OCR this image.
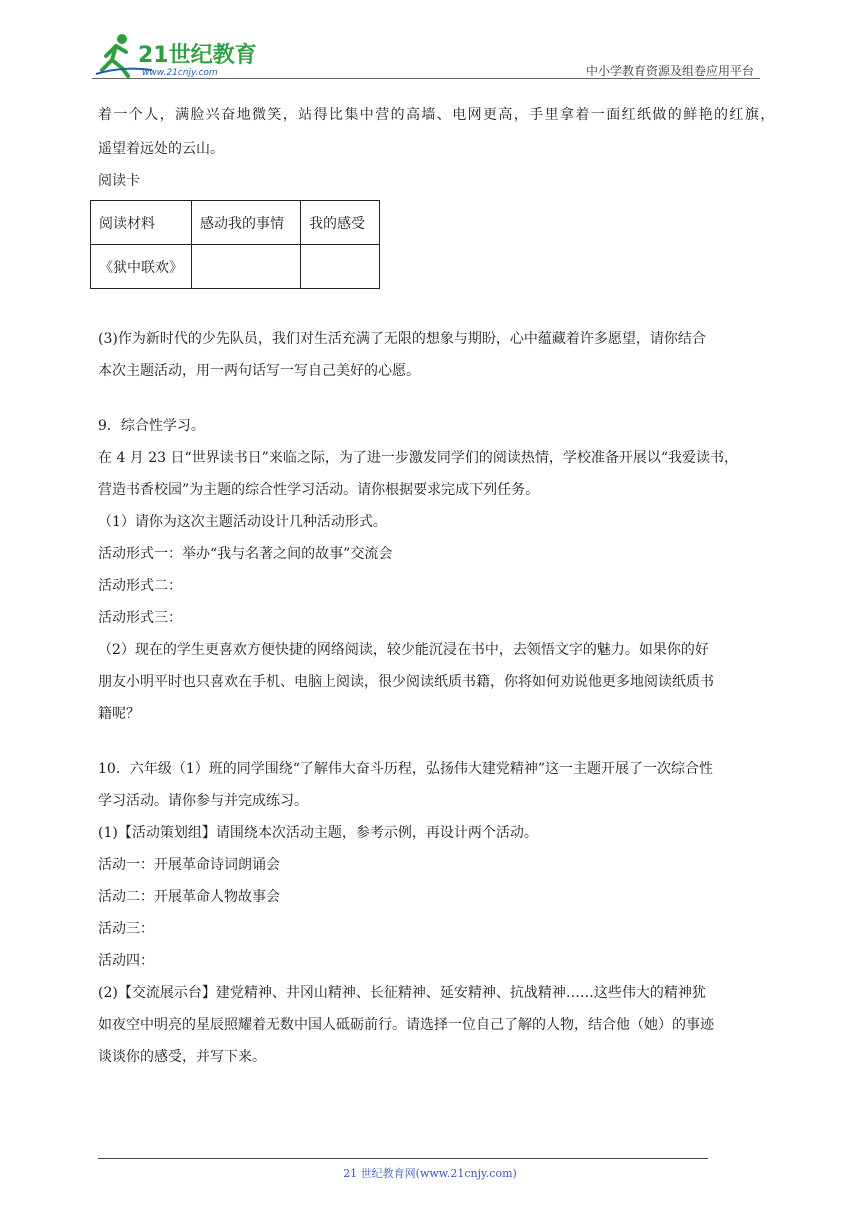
21世纪教育
www.21cnjy.com	中小学教育资源及组卷应用平台
着一个人，满脸兴奋地微笑，站得比集中营的高墙、电网更高，手里拿着一面红纸做的鲜艳的红旗，
遥望着远处的云山。
阅读卡
阅读材料	感动我的事情	我的感受
《狱中联欢》		
(3)作为新时代的少先队员，我们对生活充满了无限的想象与期盼，心中蕴藏着许多愿望，请你结合
本次主题活动，用一两句话写一写自己美好的心愿。
9．综合性学习。
在 4 月 23 日“世界读书日”来临之际，为了进一步激发同学们的阅读热情，学校准备开展以“我爱读书，
营造书香校园”为主题的综合性学习活动。请你根据要求完成下列任务。
（1）请你为这次主题活动设计几种活动形式。
活动形式一：举办“我与名著之间的故事”交流会
活动形式二：
活动形式三：
（2）现在的学生更喜欢方便快捷的网络阅读，较少能沉浸在书中，去领悟文字的魅力。如果你的好
朋友小明平时也只喜欢在手机、电脑上阅读，很少阅读纸质书籍，你将如何劝说他更多地阅读纸质书
籍呢？
10．六年级（1）班的同学围绕“了解伟大奋斗历程，弘扬伟大建党精神”这一主题开展了一次综合性
学习活动。请你参与并完成练习。
(1)【活动策划组】请围绕本次活动主题，参考示例，再设计两个活动。
活动一：开展革命诗词朗诵会
活动二：开展革命人物故事会
活动三：
活动四：
(2)【交流展示台】建党精神、井冈山精神、长征精神、延安精神、抗战精神……这些伟大的精神犹
如夜空中明亮的星辰照耀着无数中国人砥砺前行。请选择一位自己了解的人物，结合他（她）的事迹
谈谈你的感受，并写下来。
21 世纪教育网(www.21cnjy.com)
